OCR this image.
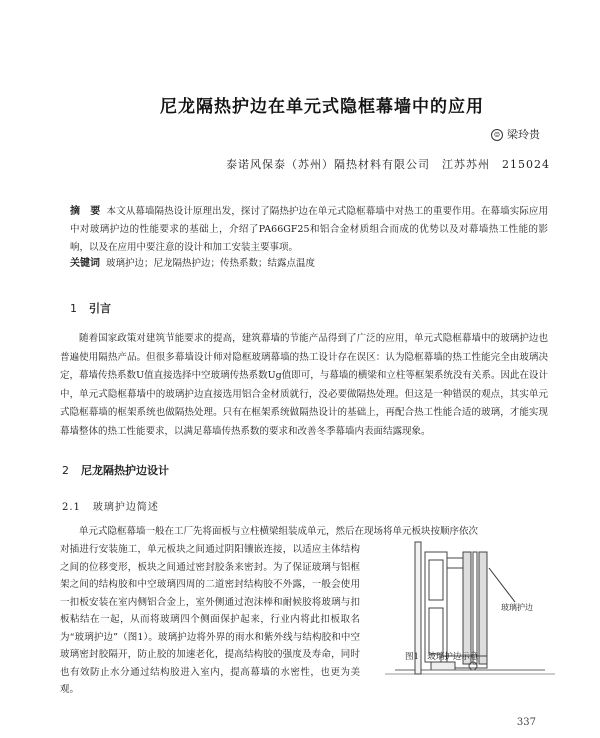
尼龙隔热护边在单元式隐框幕墙中的应用
☺ 梁玲贵
泰诺风保泰（苏州）隔热材料有限公司　江苏苏州　215024
摘　要 本文从幕墙隔热设计原理出发，探讨了隔热护边在单元式隐框幕墙中对热工的重要作用。在幕墙实际应用中对玻璃护边的性能要求的基础上，介绍了PA66GF25和铝合金材质组合而成的优势以及对幕墙热工性能的影响，以及在应用中要注意的设计和加工安装主要事项。
关键词 玻璃护边；尼龙隔热护边；传热系数；结露点温度
1 引言
随着国家政策对建筑节能要求的提高，建筑幕墙的节能产品得到了广泛的应用，单元式隐框幕墙中的玻璃护边也普遍使用隔热产品。但很多幕墙设计师对隐框玻璃幕墙的热工设计存在误区：认为隐框幕墙的热工性能完全由玻璃决定，幕墙传热系数U值直接选择中空玻璃传热系数Ug值即可，与幕墙的横梁和立柱等框架系统没有关系。因此在设计中，单元式隐框幕墙中的玻璃护边直接选用铝合金材质就行，没必要做隔热处理。但这是一种错误的观点，其实单元式隐框幕墙的框架系统也做隔热处理。只有在框架系统做隔热设计的基础上，再配合热工性能合适的玻璃，才能实现幕墙整体的热工性能要求，以满足幕墙传热系数的要求和改善冬季幕墙内表面结露现象。
2 尼龙隔热护边设计
2.1 玻璃护边简述
单元式隐框幕墙一般在工厂先将面板与立柱横梁组装成单元，然后在现场将单元板块按顺序依次
对插进行安装施工，单元板块之间通过阴阳镶嵌连接，以适应主体结构之间的位移变形，板块之间通过密封胶条来密封。为了保证玻璃与铝框架之间的结构胶和中空玻璃四周的二道密封结构胶不外露，一般会使用一扣板安装在室内侧铝合金上，室外侧通过泡沫棒和耐候胶将玻璃与扣板粘结在一起，从而将玻璃四个侧面保护起来，行业内将此扣板取名为“玻璃护边”（图1）。玻璃护边将外界的雨水和紫外线与结构胶和中空玻璃密封胶隔开，防止胶的加速老化，提高结构胶的强度及寿命，同时也有效防止水分通过结构胶进入室内，提高幕墙的水密性，也更为美观。
玻璃护边
图1　玻璃护边示意
337
